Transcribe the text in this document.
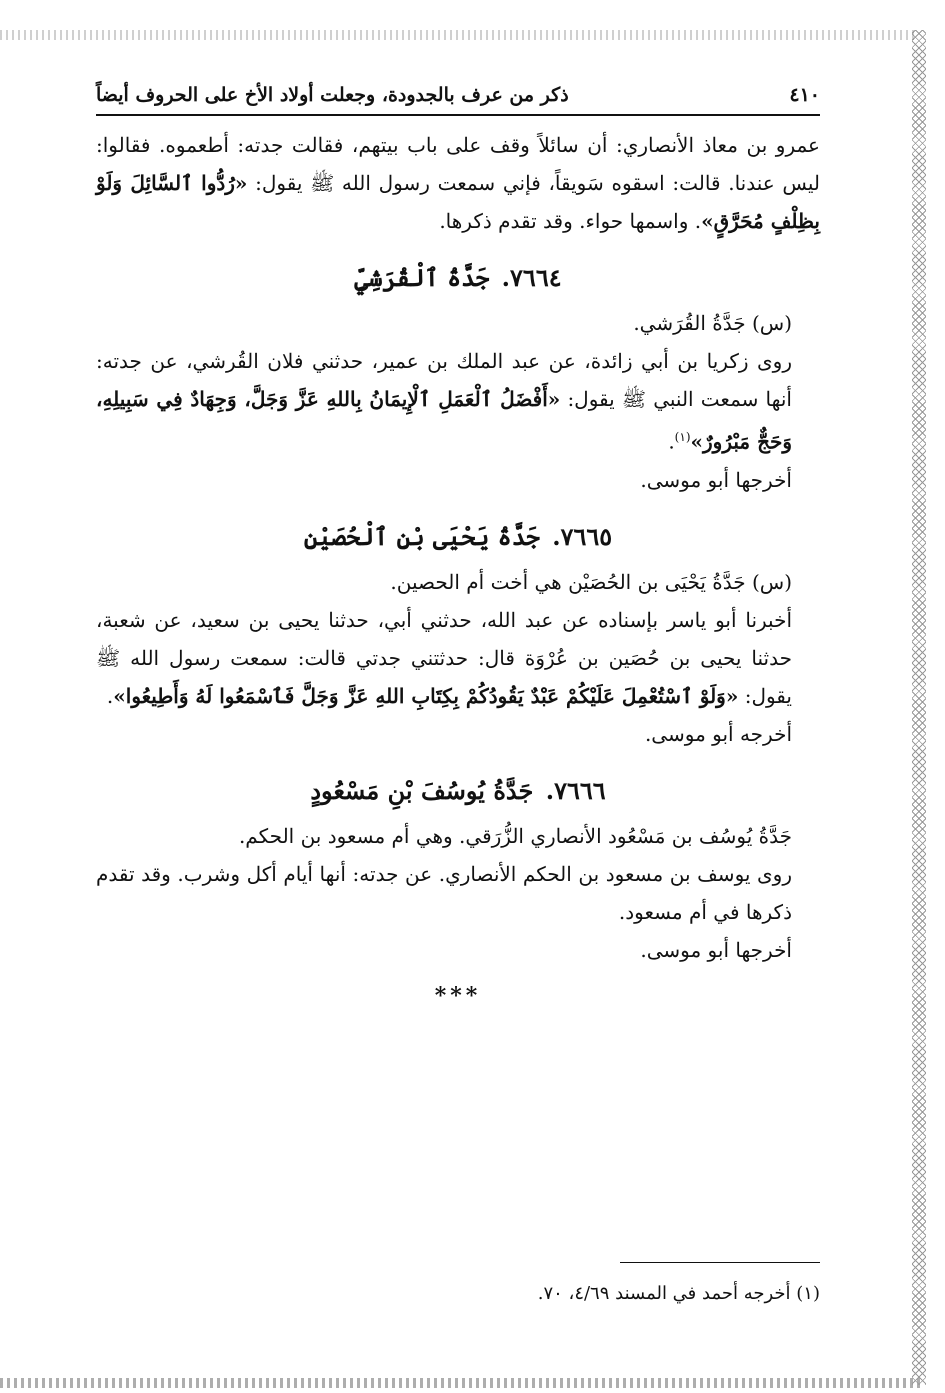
٤١٠
ذكر من عرف بالجدودة، وجعلت أولاد الأخ على الحروف أيضاً

عمرو بن معاذ الأنصاري: أن سائلاً وقف على باب بيتهم، فقالت جدته: أطعموه. فقالوا: ليس عندنا. قالت: اسقوه سَويقاً، فإني سمعت رسول الله ﷺ يقول: «رُدُّوا ٱلسَّائِلَ وَلَوْ بِظِلْفٍ مُحَرَّقٍ». واسمها حواء. وقد تقدم ذكرها.

٧٦٦٤. جَدَّةُ ٱلْقُرَشِيِّ

(س) جَدَّةُ القُرَشي.

روى زكريا بن أبي زائدة، عن عبد الملك بن عمير، حدثني فلان القُرشي، عن جدته: أنها سمعت النبي ﷺ يقول: «أَفْضَلُ ٱلْعَمَلِ ٱلْإِيمَانُ بِاللهِ عَزَّ وَجَلَّ، وَجِهَادٌ فِي سَبِيلِهِ، وَحَجٌّ مَبْرُورٌ»$^{(١)}$.

أخرجها أبو موسى.

٧٦٦٥. جَدَّةُ يَحْيَى بْنِ ٱلْحُصَيْنِ

(س) جَدَّةُ يَحْيَى بن الحُصَيْن هي أخت أم الحصين.

أخبرنا أبو ياسر بإسناده عن عبد الله، حدثني أبي، حدثنا يحيى بن سعيد، عن شعبة، حدثنا يحيى بن حُصَين بن عُرْوَة قال: حدثتني جدتي قالت: سمعت رسول الله ﷺ يقول: «وَلَوْ ٱسْتُعْمِلَ عَلَيْكُمْ عَبْدٌ يَقُودُكُمْ بِكِتَابِ اللهِ عَزَّ وَجَلَّ فَٱسْمَعُوا لَهُ وَأَطِيعُوا».

أخرجه أبو موسى.

٧٦٦٦. جَدَّةُ يُوسُفَ بْنِ مَسْعُودٍ

جَدَّةُ يُوسُف بن مَسْعُود الأنصاري الزُّرَقي. وهي أم مسعود بن الحكم.

روى يوسف بن مسعود بن الحكم الأنصاري. عن جدته: أنها أيام أكل وشرب. وقد تقدم ذكرها في أم مسعود.

أخرجها أبو موسى.

***
(١) أخرجه أحمد في المسند ٤/٦٩، ٧٠.
